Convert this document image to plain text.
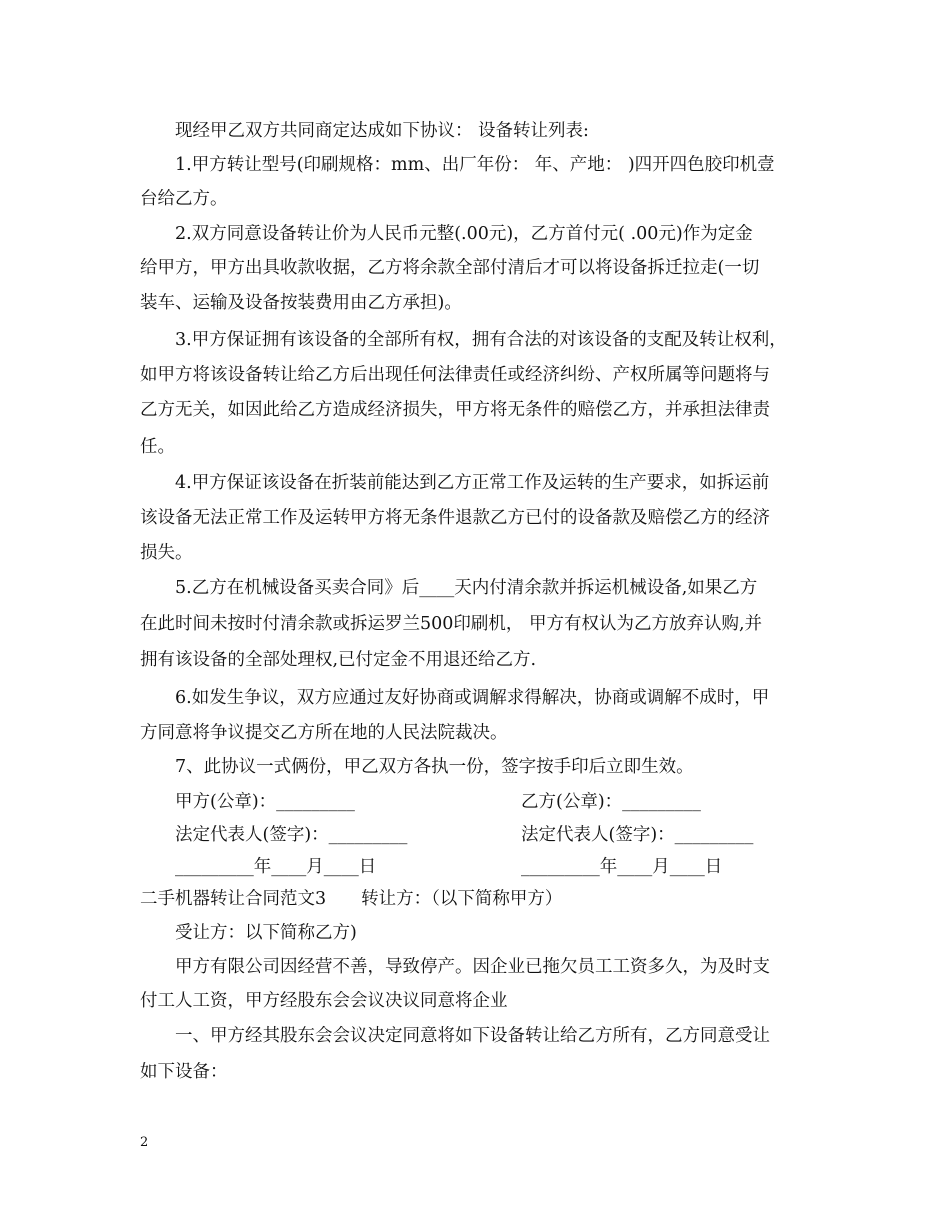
现经甲乙双方共同商定达成如下协议： 设备转让列表:
1.甲方转让型号(印刷规格：mm、出厂年份： 年、产地： )四开四色胶印机壹
台给乙方。
2.双方同意设备转让价为人民币元整(.00元)，乙方首付元( .00元)作为定金
给甲方，甲方出具收款收据，乙方将余款全部付清后才可以将设备拆迁拉走(一切
装车、运输及设备按装费用由乙方承担)。
3.甲方保证拥有该设备的全部所有权，拥有合法的对该设备的支配及转让权利，
如甲方将该设备转让给乙方后出现任何法律责任或经济纠纷、产权所属等问题将与
乙方无关，如因此给乙方造成经济损失，甲方将无条件的赔偿乙方，并承担法律责
任。
4.甲方保证该设备在折装前能达到乙方正常工作及运转的生产要求，如拆运前
该设备无法正常工作及运转甲方将无条件退款乙方已付的设备款及赔偿乙方的经济
损失。
5.乙方在机械设备买卖合同》后____天内付清余款并拆运机械设备,如果乙方
在此时间未按时付清余款或拆运罗兰500印刷机， 甲方有权认为乙方放弃认购,并
拥有该设备的全部处理权,已付定金不用退还给乙方.
6.如发生争议，双方应通过友好协商或调解求得解决，协商或调解不成时，甲
方同意将争议提交乙方所在地的人民法院裁决。
7、此协议一式俩份，甲乙双方各执一份，签字按手印后立即生效。
甲方(公章)：_________	乙方(公章)：_________
法定代表人(签字)：_________	法定代表人(签字)：_________
_________年____月____日	_________年____月____日
二手机器转让合同范文3　　转让方：（以下简称甲方）
受让方：以下简称乙方)
甲方有限公司因经营不善，导致停产。因企业已拖欠员工工资多久，为及时支
付工人工资，甲方经股东会会议决议同意将企业
一、甲方经其股东会会议决定同意将如下设备转让给乙方所有，乙方同意受让
如下设备：
2
